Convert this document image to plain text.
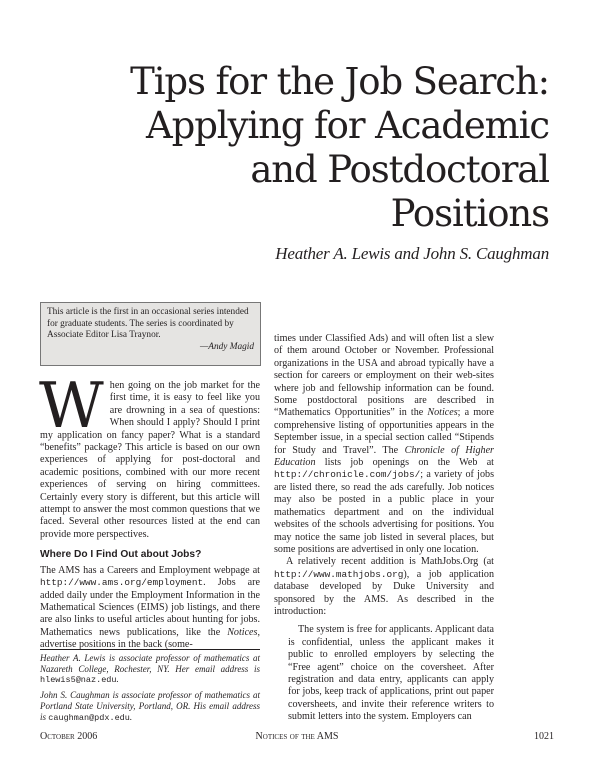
Tips for the Job Search:
Applying for Academic
and Postdoctoral
Positions
Heather A. Lewis and John S. Caughman
This article is the first in an occasional series intended for graduate students. The series is coordinated by Associate Editor Lisa Traynor.
—Andy Magid

When going on the job market for the first time, it is easy to feel like you are drowning in a sea of questions: When should I apply? Should I print my application on fancy paper? What is a standard “benefits” package? This article is based on our own experiences of applying for post-doctoral and academic positions, combined with our more recent experiences of serving on hiring committees. Certainly every story is different, but this article will attempt to answer the most common questions that we faced. Several other resources listed at the end can provide more perspectives.

Where Do I Find Out about Jobs?

The AMS has a Careers and Employment webpage at http://www.ams.org/employment. Jobs are added daily under the Employment Information in the Mathematical Sciences (EIMS) job listings, and there are also links to useful articles about hunting for jobs. Mathematics news publications, like the Notices, advertise positions in the back (some-

Heather A. Lewis is associate professor of mathematics at Nazareth College, Rochester, NY. Her email address is hlewis5@naz.edu.

John S. Caughman is associate professor of mathematics at Portland State University, Portland, OR. His email address is caughman@pdx.edu.

times under Classified Ads) and will often list a slew of them around October or November. Professional organizations in the USA and abroad typically have a section for careers or employment on their web-sites where job and fellowship information can be found. Some postdoctoral positions are described in “Mathematics Opportunities” in the Notices; a more comprehensive listing of opportunities appears in the September issue, in a special section called “Stipends for Study and Travel”. The Chronicle of Higher Education lists job openings on the Web at http://chronicle.com/jobs/; a variety of jobs are listed there, so read the ads carefully. Job notices may also be posted in a public place in your mathematics department and on the individual websites of the schools advertising for positions. You may notice the same job listed in several places, but some positions are advertised in only one location.

A relatively recent addition is MathJobs.Org (at http://www.mathjobs.org), a job application database developed by Duke University and sponsored by the AMS. As described in the introduction:

The system is free for applicants. Applicant data is confidential, unless the applicant makes it public to enrolled employers by selecting the “Free agent” choice on the coversheet. After registration and data entry, applicants can apply for jobs, keep track of applications, print out paper coversheets, and invite their reference writers to submit letters into the system. Employers can

October 2006	Notices of the AMS	1021
